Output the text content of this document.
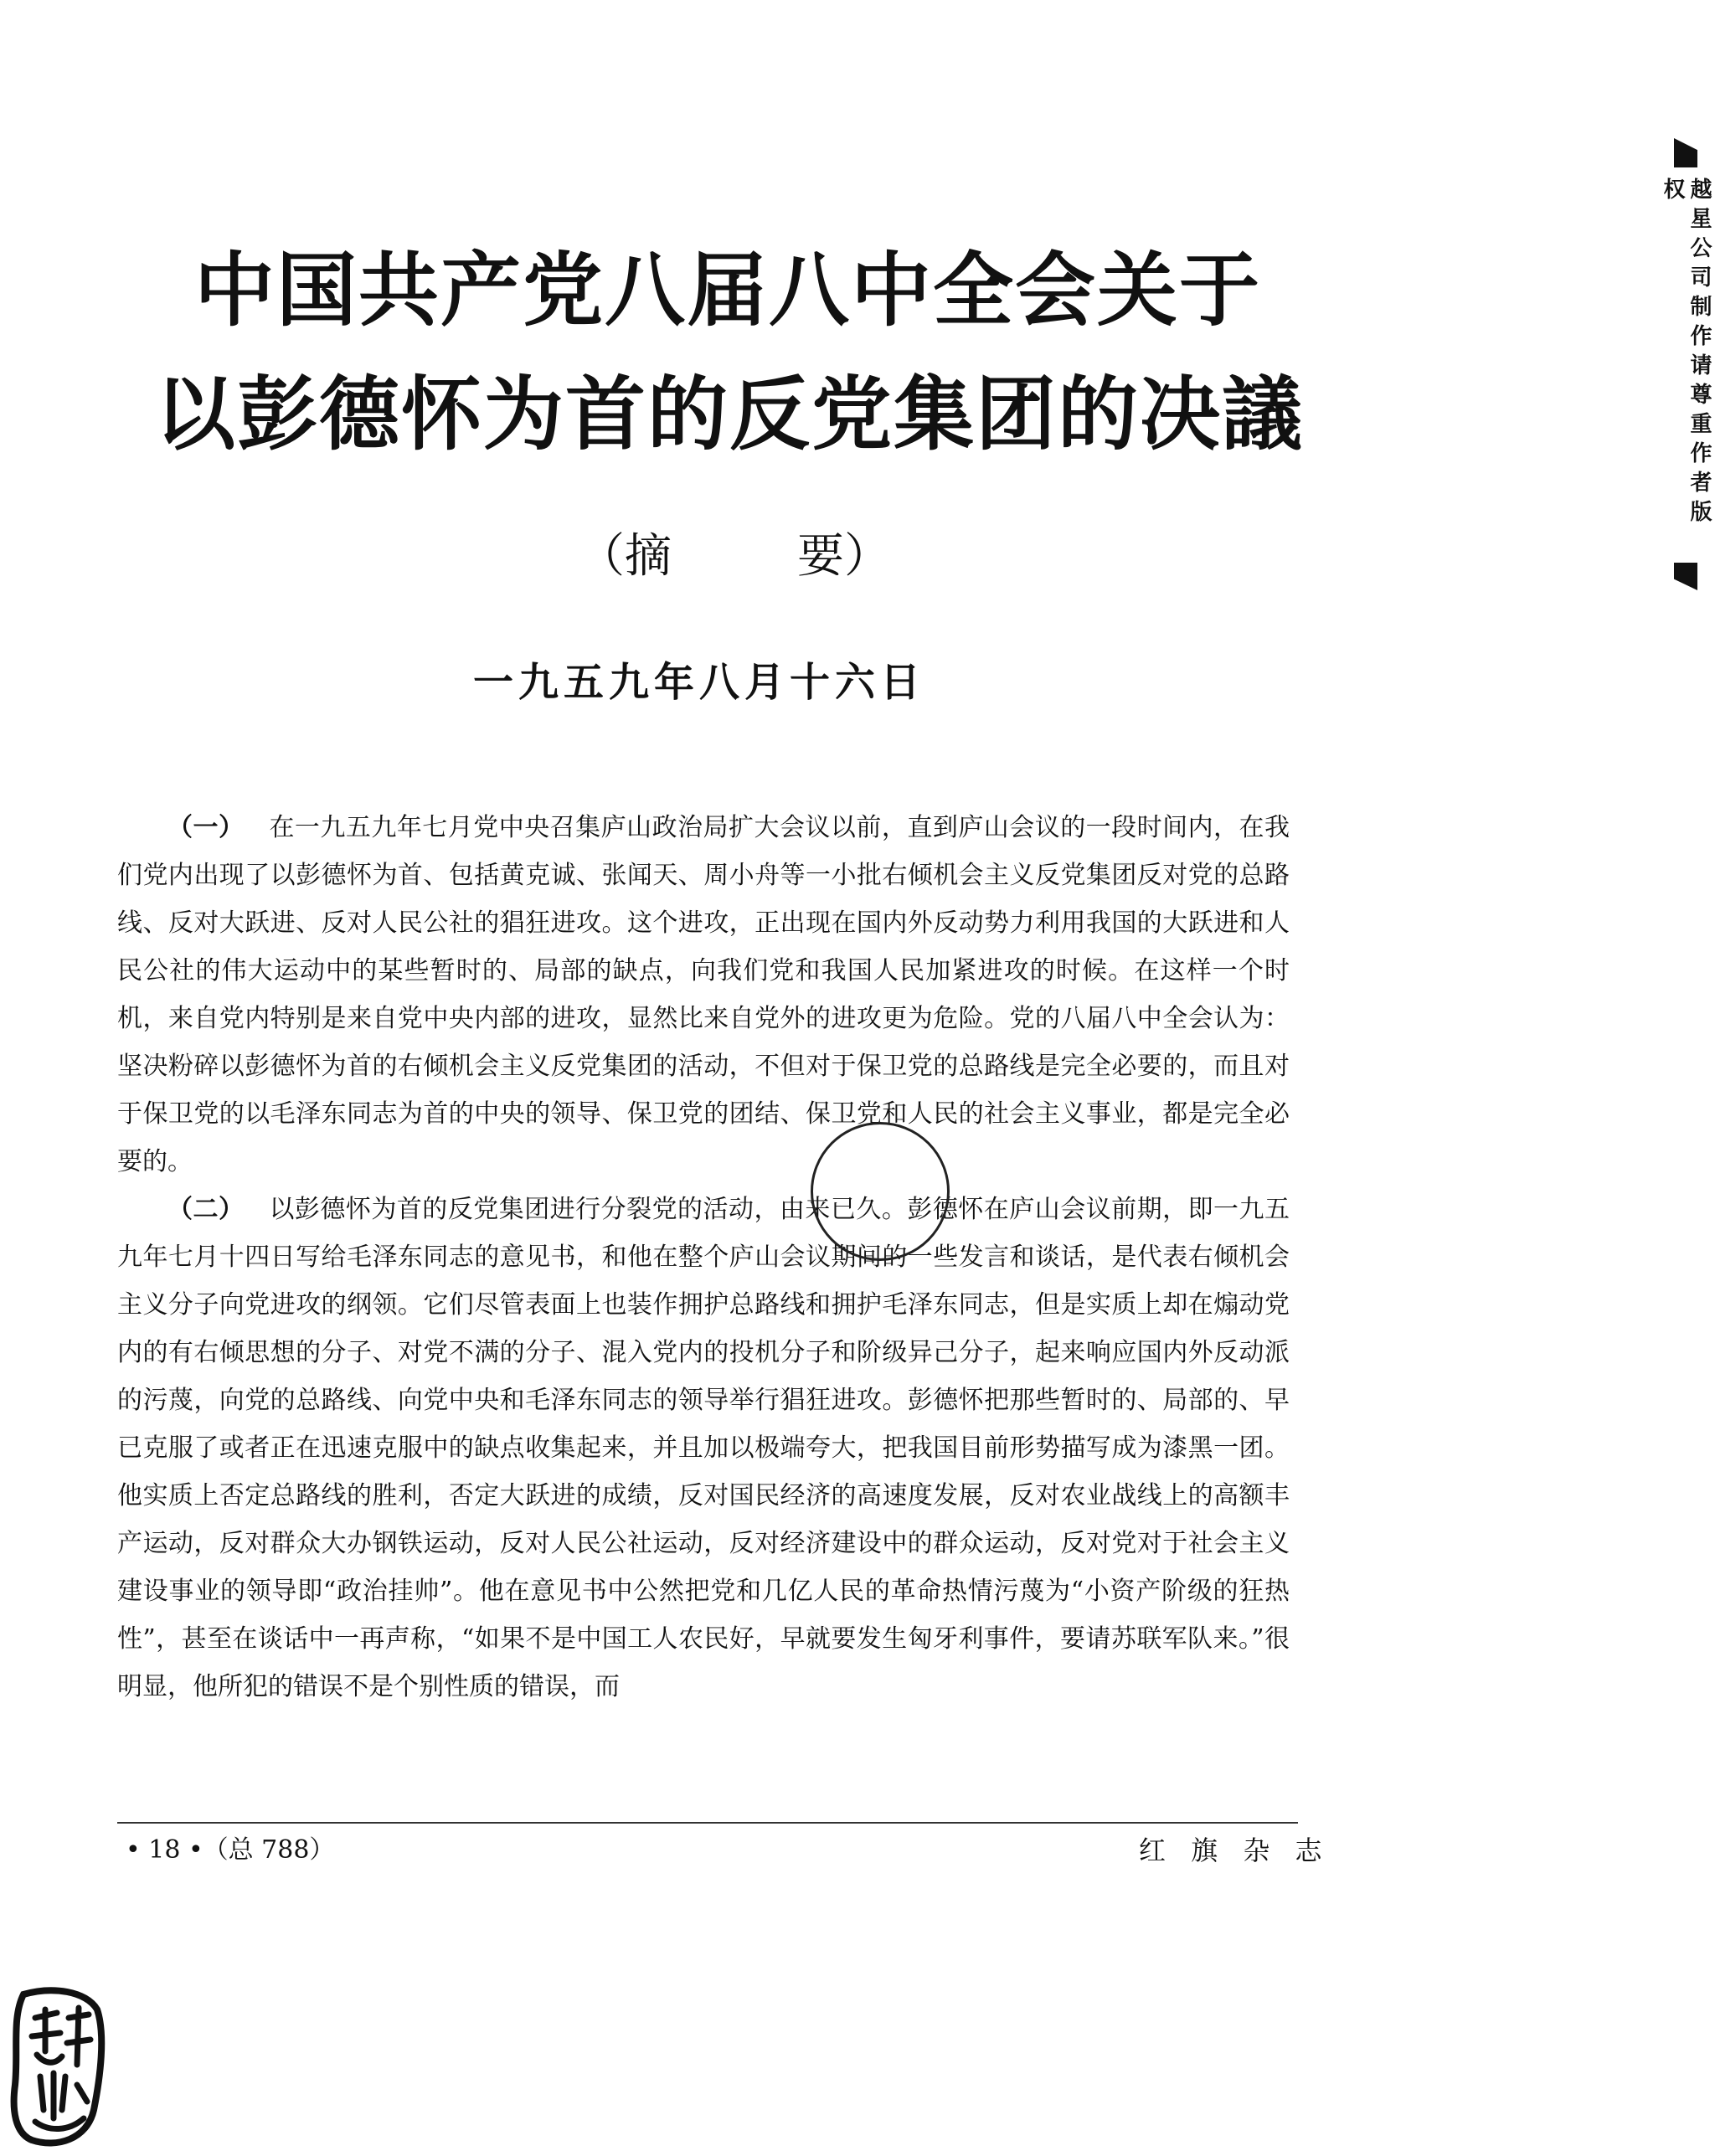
中国共产党八届八中全会关于
以彭德怀为首的反党集团的决議
（摘	要）
一九五九年八月十六日

（一） 在一九五九年七月党中央召集庐山政治局扩大会议以前，直到庐山会议的一段时间内，在我们党内出现了以彭德怀为首、包括黄克诚、张闻天、周小舟等一小批右倾机会主义反党集团反对党的总路线、反对大跃进、反对人民公社的猖狂进攻。这个进攻，正出现在国内外反动势力利用我国的大跃进和人民公社的伟大运动中的某些暂时的、局部的缺点，向我们党和我国人民加紧进攻的时候。在这样一个时机，来自党内特别是来自党中央内部的进攻，显然比来自党外的进攻更为危险。党的八届八中全会认为：坚决粉碎以彭德怀为首的右倾机会主义反党集团的活动，不但对于保卫党的总路线是完全必要的，而且对于保卫党的以毛泽东同志为首的中央的领导、保卫党的团结、保卫党和人民的社会主义事业，都是完全必要的。

（二） 以彭德怀为首的反党集团进行分裂党的活动，由来已久。彭德怀在庐山会议前期，即一九五九年七月十四日写给毛泽东同志的意见书，和他在整个庐山会议期间的一些发言和谈话，是代表右倾机会主义分子向党进攻的纲领。它们尽管表面上也装作拥护总路线和拥护毛泽东同志，但是实质上却在煽动党内的有右倾思想的分子、对党不满的分子、混入党内的投机分子和阶级异己分子，起来响应国内外反动派的污蔑，向党的总路线、向党中央和毛泽东同志的领导举行猖狂进攻。彭德怀把那些暂时的、局部的、早已克服了或者正在迅速克服中的缺点收集起来，并且加以极端夸大，把我国目前形势描写成为漆黑一团。他实质上否定总路线的胜利，否定大跃进的成绩，反对国民经济的高速度发展，反对农业战线上的高额丰产运动，反对群众大办钢铁运动，反对人民公社运动，反对经济建设中的群众运动，反对党对于社会主义建设事业的领导即“政治挂帅”。他在意见书中公然把党和几亿人民的革命热情污蔑为“小资产阶级的狂热性”，甚至在谈话中一再声称，“如果不是中国工人农民好，早就要发生匈牙利事件，要请苏联军队来。”很明显，他所犯的错误不是个别性质的错误，而

• 18 •（总 788）	红 旗 杂 志
越星公司制作请尊重作者版权
